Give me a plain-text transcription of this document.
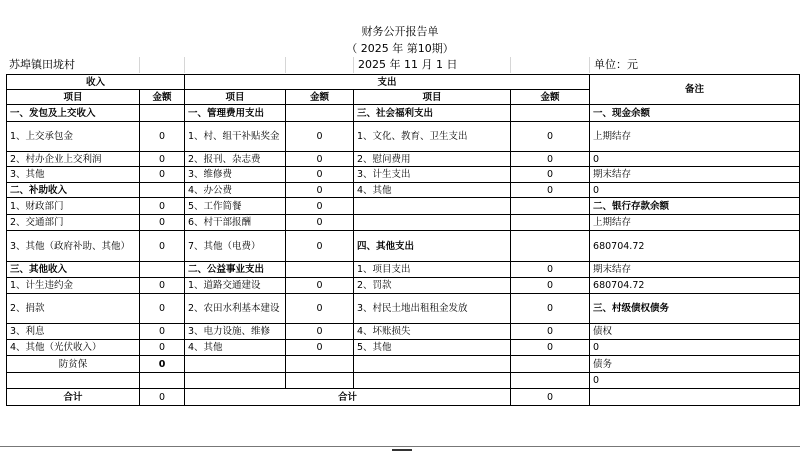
财务公开报告单
（ 2025 年 第10期）
苏埠镇田垅村	2025 年 11 月 1 日	单位：元
收入		支出				备注
项目	金额	项目	金额	项目	金额	
一、发包及上交收入		一、管理费用支出		三、社会福利支出		一、现金余额
1、上交承包金	0	1、村、组干补贴奖金	0	1、文化、教育、卫生支出	0	上期结存
2、村办企业上交利润	0	2、报刊、杂志费	0	2、慰问费用	0	0
3、其他	0	3、维修费	0	3、计生支出	0	期末结存
二、补助收入		4、办公费	0	4、其他	0	0
1、财政部门	0	5、工作简餐	0			二、银行存款余额
2、交通部门	0	6、村干部报酬	0			上期结存
3、其他（政府补助、其他）	0	7、其他（电费）	0	四、其他支出		680704.72
三、其他收入		二、公益事业支出		1、项目支出	0	期末结存
1、计生违约金	0	1、道路交通建设	0	2、罚款	0	680704.72
2、捐款	0	2、农田水利基本建设	0	3、村民土地出租租金发放	0	三、村级债权债务
3、利息	0	3、电力设施、维修	0	4、坏账损失	0	债权
4、其他（光伏收入）	0	4、其他	0	5、其他	0	0
防贫保	0					债务
						0
合计	0	合计			0	
